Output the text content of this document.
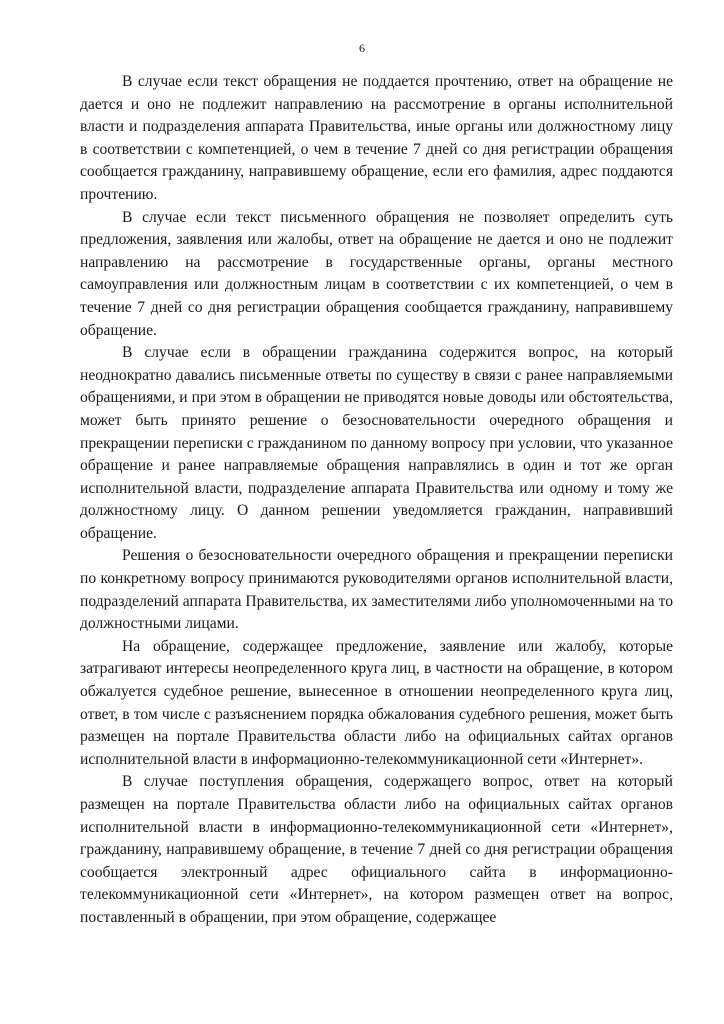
6

В случае если текст обращения не поддается прочтению, ответ на обращение не дается и оно не подлежит направлению на рассмотрение в органы исполнительной власти и подразделения аппарата Правительства, иные органы или должностному лицу в соответствии с компетенцией, о чем в течение 7 дней со дня регистрации обращения сообщается гражданину, направившему обращение, если его фамилия, адрес поддаются прочтению.

В случае если текст письменного обращения не позволяет определить суть предложения, заявления или жалобы, ответ на обращение не дается и оно не подлежит направлению на рассмотрение в государственные органы, органы местного самоуправления или должностным лицам в соответствии с их компетенцией, о чем в течение 7 дней со дня регистрации обращения сообщается гражданину, направившему обращение.

В случае если в обращении гражданина содержится вопрос, на который неоднократно давались письменные ответы по существу в связи с ранее направляемыми обращениями, и при этом в обращении не приводятся новые доводы или обстоятельства, может быть принято решение о безосновательности очередного обращения и прекращении переписки с гражданином по данному вопросу при условии, что указанное обращение и ранее направляемые обращения направлялись в один и тот же орган исполнительной власти, подразделение аппарата Правительства или одному и тому же должностному лицу. О данном решении уведомляется гражданин, направивший обращение.

Решения о безосновательности очередного обращения и прекращении переписки по конкретному вопросу принимаются руководителями органов исполнительной власти, подразделений аппарата Правительства, их заместителями либо уполномоченными на то должностными лицами.

На обращение, содержащее предложение, заявление или жалобу, которые затрагивают интересы неопределенного круга лиц, в частности на обращение, в котором обжалуется судебное решение, вынесенное в отношении неопределенного круга лиц, ответ, в том числе с разъяснением порядка обжалования судебного решения, может быть размещен на портале Правительства области либо на официальных сайтах органов исполнительной власти в информационно-телекоммуникационной сети «Интернет».

В случае поступления обращения, содержащего вопрос, ответ на который размещен на портале Правительства области либо на официальных сайтах органов исполнительной власти в информационно-телекоммуникационной сети «Интернет», гражданину, направившему обращение, в течение 7 дней со дня регистрации обращения сообщается электронный адрес официального сайта в информационно-телекоммуникационной сети «Интернет», на котором размещен ответ на вопрос, поставленный в обращении, при этом обращение, содержащее
